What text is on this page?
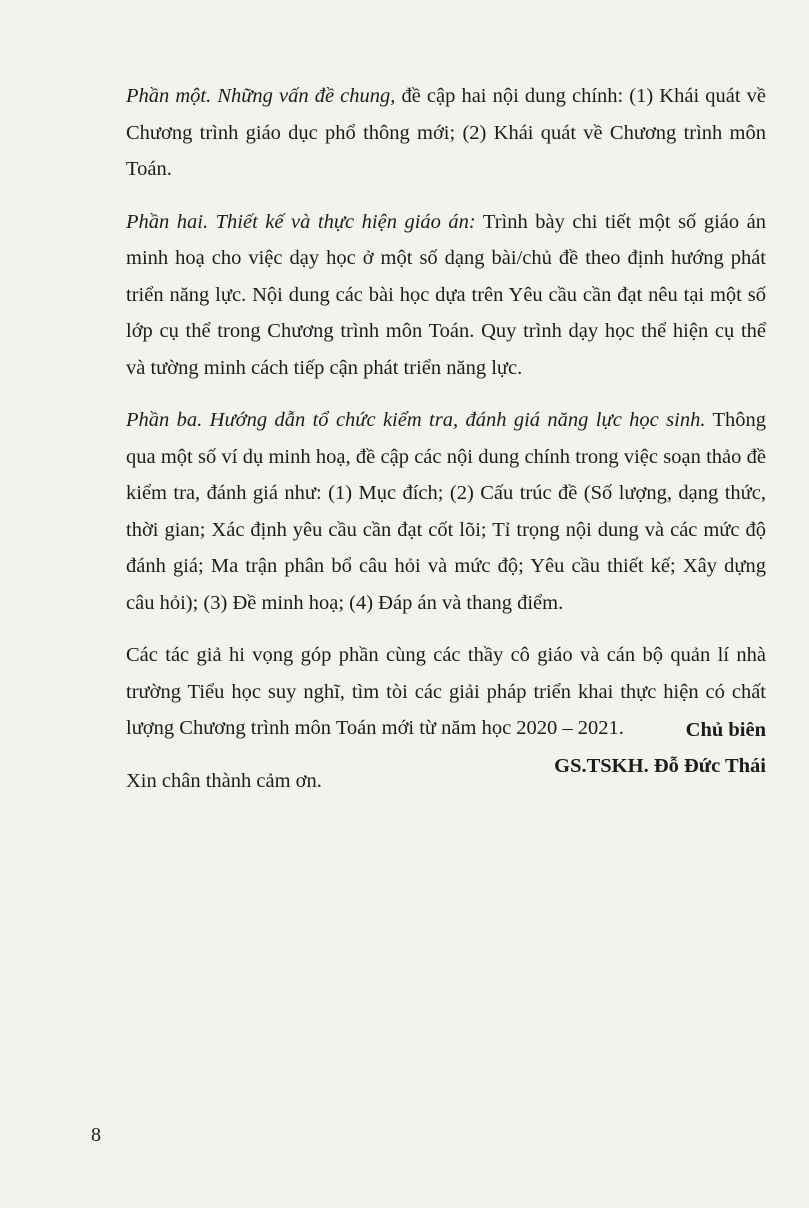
Phần một. Những vấn đề chung, đề cập hai nội dung chính: (1) Khái quát về Chương trình giáo dục phổ thông mới; (2) Khái quát về Chương trình môn Toán.

Phần hai. Thiết kế và thực hiện giáo án: Trình bày chi tiết một số giáo án minh hoạ cho việc dạy học ở một số dạng bài/chủ đề theo định hướng phát triển năng lực. Nội dung các bài học dựa trên Yêu cầu cần đạt nêu tại một số lớp cụ thể trong Chương trình môn Toán. Quy trình dạy học thể hiện cụ thể và tường minh cách tiếp cận phát triển năng lực.

Phần ba. Hướng dẫn tổ chức kiểm tra, đánh giá năng lực học sinh. Thông qua một số ví dụ minh hoạ, đề cập các nội dung chính trong việc soạn thảo đề kiểm tra, đánh giá như: (1) Mục đích; (2) Cấu trúc đề (Số lượng, dạng thức, thời gian; Xác định yêu cầu cần đạt cốt lõi; Tỉ trọng nội dung và các mức độ đánh giá; Ma trận phân bổ câu hỏi và mức độ; Yêu cầu thiết kế; Xây dựng câu hỏi); (3) Đề minh hoạ; (4) Đáp án và thang điểm.

Các tác giả hi vọng góp phần cùng các thầy cô giáo và cán bộ quản lí nhà trường Tiểu học suy nghĩ, tìm tòi các giải pháp triển khai thực hiện có chất lượng Chương trình môn Toán mới từ năm học 2020 – 2021.

Xin chân thành cảm ơn.

Chủ biên
GS.TSKH. Đỗ Đức Thái
8
